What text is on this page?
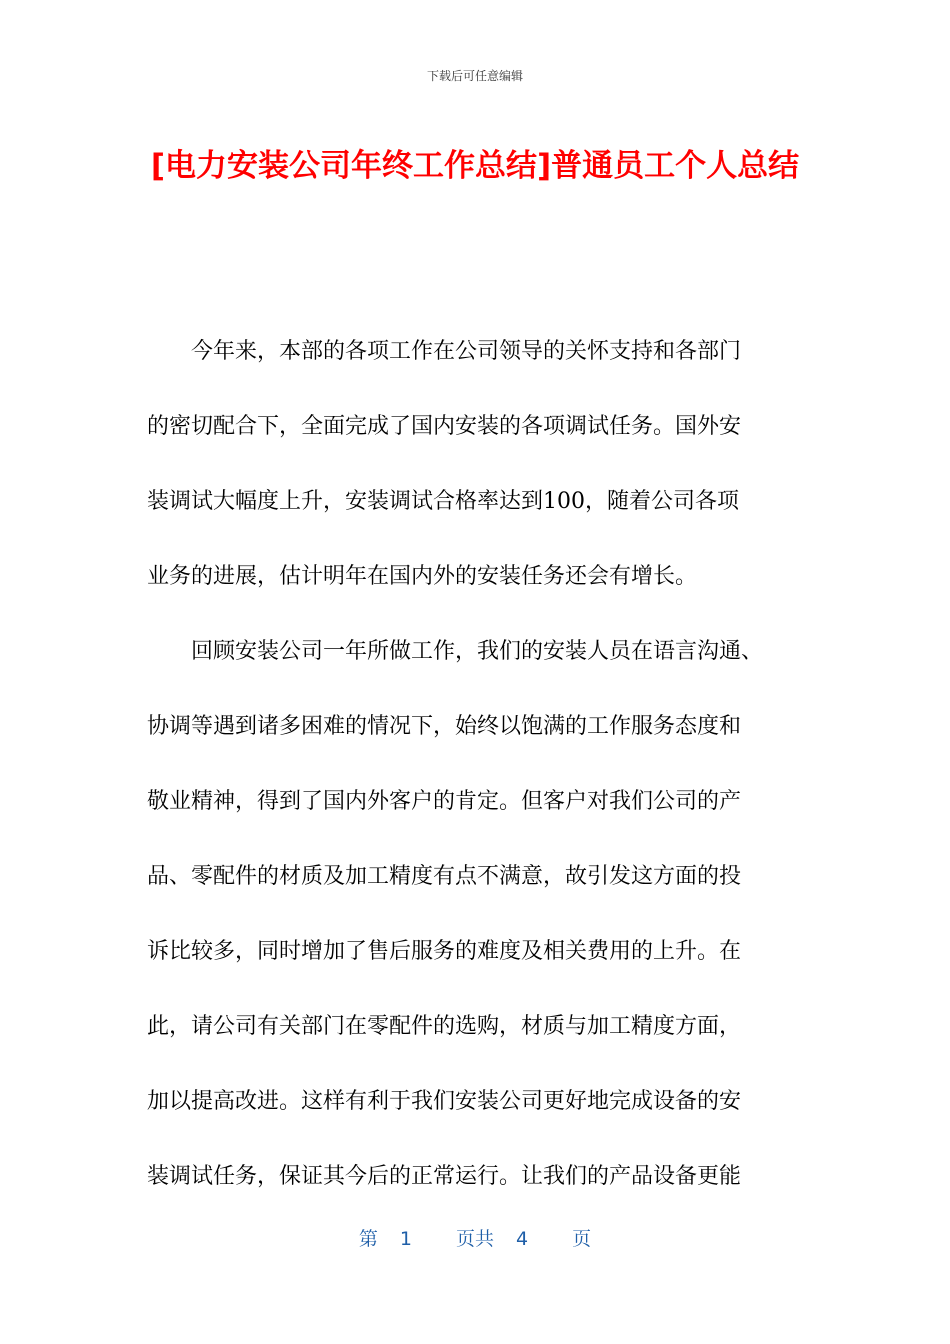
下载后可任意编辑
[电力安装公司年终工作总结]普通员工个人总结

　　今年来，本部的各项工作在公司领导的关怀支持和各部门
的密切配合下，全面完成了国内安装的各项调试任务。国外安
装调试大幅度上升，安装调试合格率达到100，随着公司各项
业务的进展，估计明年在国内外的安装任务还会有增长。

　　回顾安装公司一年所做工作，我们的安装人员在语言沟通、
协调等遇到诸多困难的情况下，始终以饱满的工作服务态度和
敬业精神，得到了国内外客户的肯定。但客户对我们公司的产
品、零配件的材质及加工精度有点不满意，故引发这方面的投
诉比较多，同时增加了售后服务的难度及相关费用的上升。在
此，请公司有关部门在零配件的选购，材质与加工精度方面，
加以提高改进。这样有利于我们安装公司更好地完成设备的安
装调试任务，保证其今后的正常运行。让我们的产品设备更能

第 1 页共 4 页
